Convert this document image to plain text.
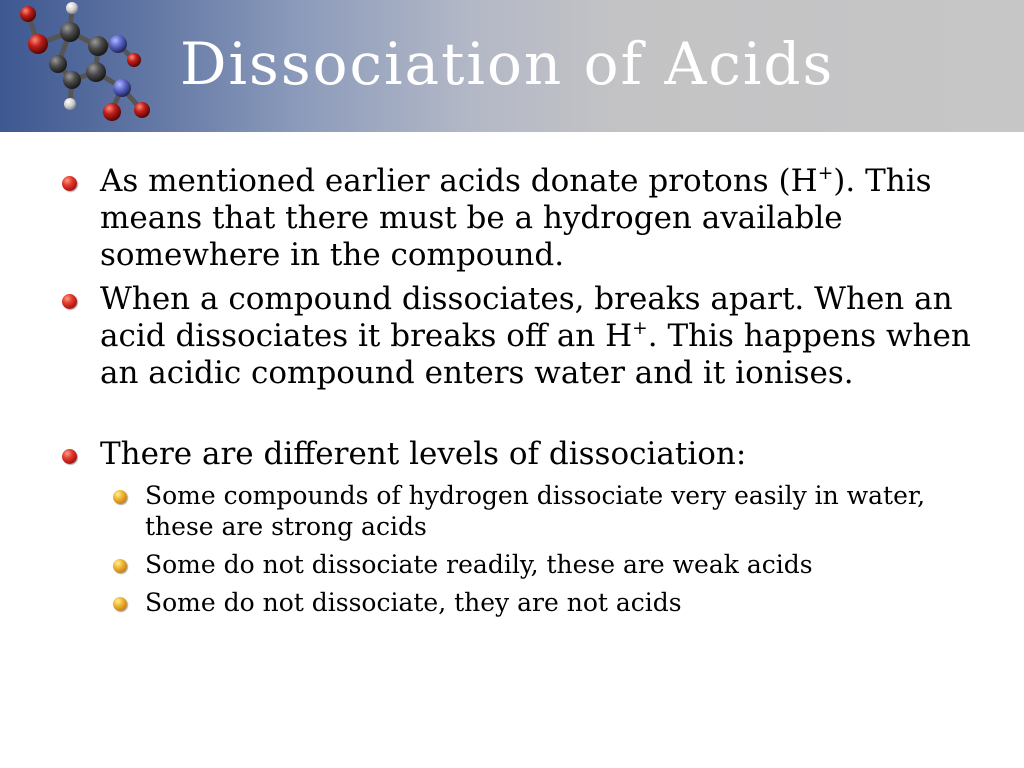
Dissociation of Acids
As mentioned earlier acids donate protons (H+). This means that there must be a hydrogen available somewhere in the compound.
When a compound dissociates, breaks apart. When an acid dissociates it breaks off an H+. This happens when an acidic compound enters water and it ionises.
There are different levels of dissociation:
Some compounds of hydrogen dissociate very easily in water, these are strong acids
Some do not dissociate readily, these are weak acids
Some do not dissociate, they are not acids
